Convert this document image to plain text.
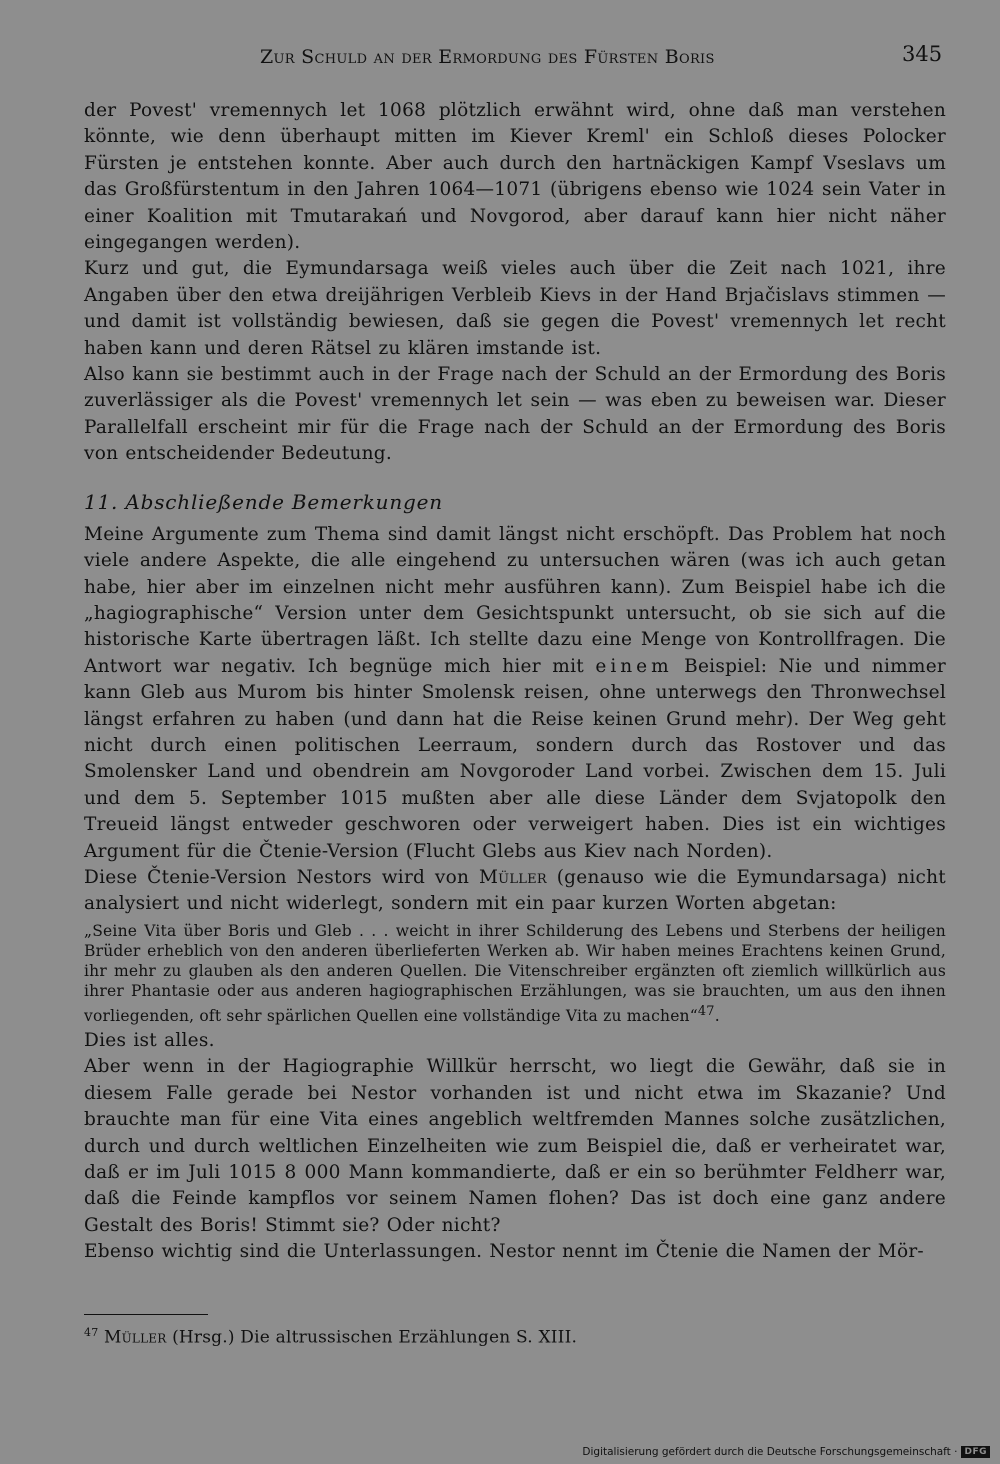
Zur Schuld an der Ermordung des Fürsten Boris	345

der Povest' vremennych let 1068 plötzlich erwähnt wird, ohne daß man verstehen könnte, wie denn überhaupt mitten im Kiever Kreml' ein Schloß dieses Polocker Fürsten je entstehen konnte. Aber auch durch den hartnäckigen Kampf Vseslavs um das Großfürstentum in den Jahren 1064—1071 (übrigens ebenso wie 1024 sein Vater in einer Koalition mit Tmutarakań und Novgorod, aber darauf kann hier nicht näher eingegangen werden).

Kurz und gut, die Eymundarsaga weiß vieles auch über die Zeit nach 1021, ihre Angaben über den etwa dreijährigen Verbleib Kievs in der Hand Brjačislavs stimmen — und damit ist vollständig bewiesen, daß sie gegen die Povest' vremennych let recht haben kann und deren Rätsel zu klären imstande ist.

Also kann sie bestimmt auch in der Frage nach der Schuld an der Ermordung des Boris zuverlässiger als die Povest' vremennych let sein — was eben zu beweisen war. Dieser Parallelfall erscheint mir für die Frage nach der Schuld an der Ermordung des Boris von entscheidender Bedeutung.

11. Abschließende Bemerkungen

Meine Argumente zum Thema sind damit längst nicht erschöpft. Das Problem hat noch viele andere Aspekte, die alle eingehend zu untersuchen wären (was ich auch getan habe, hier aber im einzelnen nicht mehr ausführen kann). Zum Beispiel habe ich die „hagiographische“ Version unter dem Gesichtspunkt untersucht, ob sie sich auf die historische Karte übertragen läßt. Ich stellte dazu eine Menge von Kontrollfragen. Die Antwort war negativ. Ich begnüge mich hier mit einem Beispiel: Nie und nimmer kann Gleb aus Murom bis hinter Smolensk reisen, ohne unterwegs den Thronwechsel längst erfahren zu haben (und dann hat die Reise keinen Grund mehr). Der Weg geht nicht durch einen politischen Leerraum, sondern durch das Rostover und das Smolensker Land und obendrein am Novgoroder Land vorbei. Zwischen dem 15. Juli und dem 5. September 1015 mußten aber alle diese Länder dem Svjatopolk den Treueid längst entweder geschworen oder verweigert haben. Dies ist ein wichtiges Argument für die Čtenie-Version (Flucht Glebs aus Kiev nach Norden).

Diese Čtenie-Version Nestors wird von Müller (genauso wie die Eymundarsaga) nicht analysiert und nicht widerlegt, sondern mit ein paar kurzen Worten abgetan:

„Seine Vita über Boris und Gleb . . . weicht in ihrer Schilderung des Lebens und Sterbens der heiligen Brüder erheblich von den anderen überlieferten Werken ab. Wir haben meines Erachtens keinen Grund, ihr mehr zu glauben als den anderen Quellen. Die Vitenschreiber ergänzten oft ziemlich willkürlich aus ihrer Phantasie oder aus anderen hagiographischen Erzählungen, was sie brauchten, um aus den ihnen vorliegenden, oft sehr spärlichen Quellen eine vollständige Vita zu machen“$^{47}$.

Dies ist alles.

Aber wenn in der Hagiographie Willkür herrscht, wo liegt die Gewähr, daß sie in diesem Falle gerade bei Nestor vorhanden ist und nicht etwa im Skazanie? Und brauchte man für eine Vita eines angeblich weltfremden Mannes solche zusätzlichen, durch und durch weltlichen Einzelheiten wie zum Beispiel die, daß er verheiratet war, daß er im Juli 1015 8 000 Mann kommandierte, daß er ein so berühmter Feldherr war, daß die Feinde kampflos vor seinem Namen flohen? Das ist doch eine ganz andere Gestalt des Boris! Stimmt sie? Oder nicht?

Ebenso wichtig sind die Unterlassungen. Nestor nennt im Čtenie die Namen der Mör-

$^{47}$ Müller (Hrsg.) Die altrussischen Erzählungen S. XIII.
Digitalisierung gefördert durch die Deutsche Forschungsgemeinschaft · DFG
